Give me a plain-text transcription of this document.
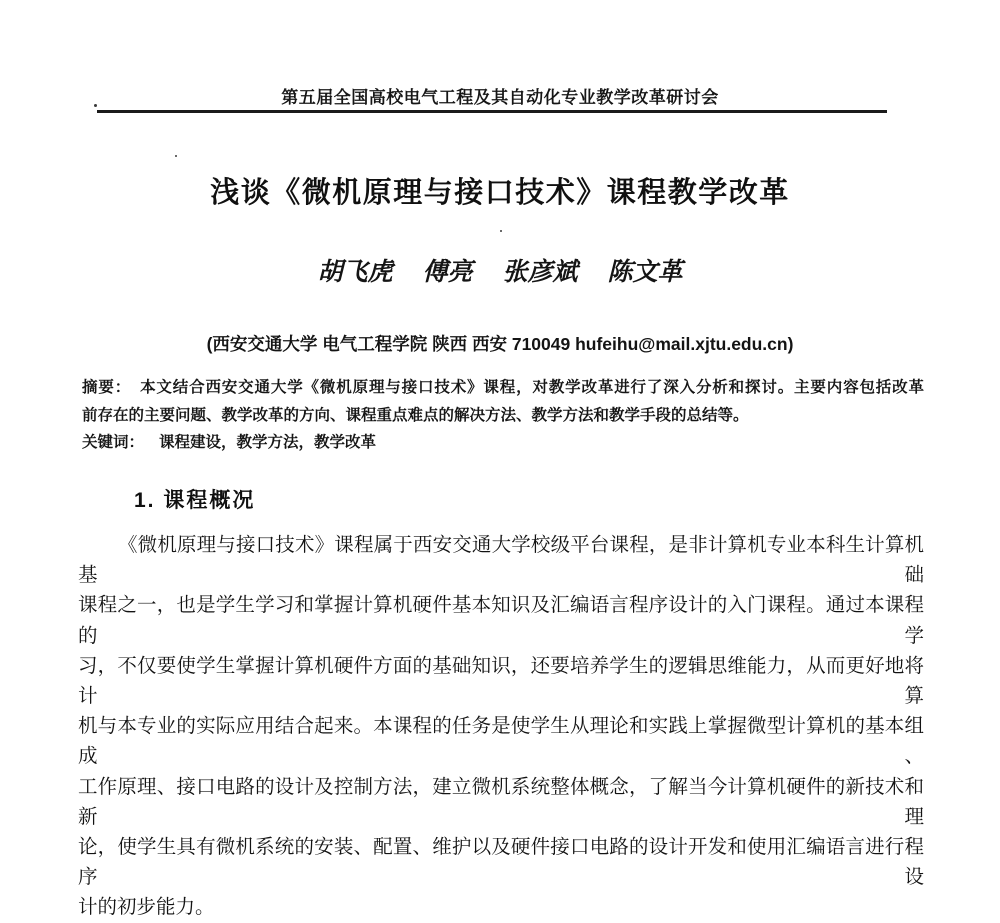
第五届全国高校电气工程及其自动化专业教学改革研讨会
浅谈《微机原理与接口技术》课程教学改革
胡飞虎 傅亮 张彦斌 陈文革
(西安交通大学 电气工程学院 陕西 西安 710049 hufeihu@mail.xjtu.edu.cn)
摘要： 本文结合西安交通大学《微机原理与接口技术》课程，对教学改革进行了深入分析和探讨。主要内容包括改革
前存在的主要问题、教学改革的方向、课程重点难点的解决方法、教学方法和教学手段的总结等。
关键词： 课程建设，教学方法，教学改革
1. 课程概况
《微机原理与接口技术》课程属于西安交通大学校级平台课程，是非计算机专业本科生计算机基础
课程之一，也是学生学习和掌握计算机硬件基本知识及汇编语言程序设计的入门课程。通过本课程的学
习，不仅要使学生掌握计算机硬件方面的基础知识，还要培养学生的逻辑思维能力，从而更好地将计算
机与本专业的实际应用结合起来。本课程的任务是使学生从理论和实践上掌握微型计算机的基本组成、
工作原理、接口电路的设计及控制方法，建立微机系统整体概念，了解当今计算机硬件的新技术和新理
论，使学生具有微机系统的安装、配置、维护以及硬件接口电路的设计开发和使用汇编语言进行程序设
计的初步能力。
